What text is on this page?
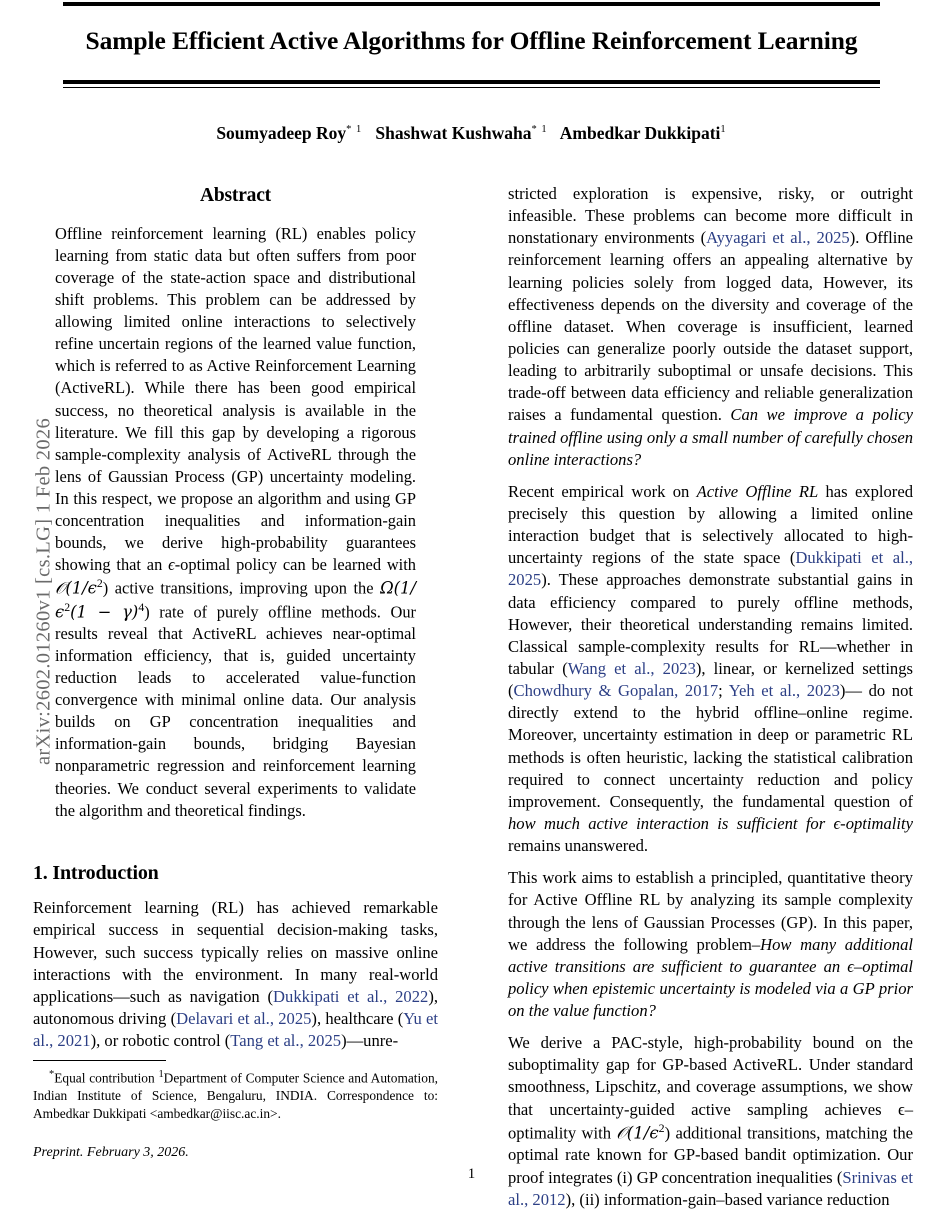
arXiv:2602.01260v1 [cs.LG] 1 Feb 2026
Sample Efficient Active Algorithms for Offline Reinforcement Learning
Soumyadeep Roy$^{* 1}$ Shashwat Kushwaha$^{* 1}$ Ambedkar Dukkipati$^1$
Abstract

Offline reinforcement learning (RL) enables policy learning from static data but often suffers from poor coverage of the state-action space and distributional shift problems. This problem can be addressed by allowing limited online interactions to selectively refine uncertain regions of the learned value function, which is referred to as Active Reinforcement Learning (ActiveRL). While there has been good empirical success, no theoretical analysis is available in the literature. We fill this gap by developing a rigorous sample-complexity analysis of ActiveRL through the lens of Gaussian Process (GP) uncertainty modeling. In this respect, we propose an algorithm and using GP concentration inequalities and information-gain bounds, we derive high-probability guarantees showing that an ϵ-optimal policy can be learned with $𝒪(1/\epsilon^2)$ active transitions, improving upon the $\Omega(1/\epsilon^2(1 - \gamma)^4)$ rate of purely offline methods. Our results reveal that ActiveRL achieves near-optimal information efficiency, that is, guided uncertainty reduction leads to accelerated value-function convergence with minimal online data. Our analysis builds on GP concentration inequalities and information-gain bounds, bridging Bayesian nonparametric regression and reinforcement learning theories. We conduct several experiments to validate the algorithm and theoretical findings.

1. Introduction

Reinforcement learning (RL) has achieved remarkable empirical success in sequential decision-making tasks, However, such success typically relies on massive online interactions with the environment. In many real-world applications—such as navigation (Dukkipati et al., 2022), autonomous driving (Delavari et al., 2025), healthcare (Yu et al., 2021), or robotic control (Tang et al., 2025)—unre-

stricted exploration is expensive, risky, or outright infeasible. These problems can become more difficult in nonstationary environments (Ayyagari et al., 2025). Offline reinforcement learning offers an appealing alternative by learning policies solely from logged data, However, its effectiveness depends on the diversity and coverage of the offline dataset. When coverage is insufficient, learned policies can generalize poorly outside the dataset support, leading to arbitrarily suboptimal or unsafe decisions. This trade-off between data efficiency and reliable generalization raises a fundamental question. Can we improve a policy trained offline using only a small number of carefully chosen online interactions?

Recent empirical work on Active Offline RL has explored precisely this question by allowing a limited online interaction budget that is selectively allocated to high-uncertainty regions of the state space (Dukkipati et al., 2025). These approaches demonstrate substantial gains in data efficiency compared to purely offline methods, However, their theoretical understanding remains limited. Classical sample-complexity results for RL—whether in tabular (Wang et al., 2023), linear, or kernelized settings (Chowdhury & Gopalan, 2017; Yeh et al., 2023)— do not directly extend to the hybrid offline–online regime. Moreover, uncertainty estimation in deep or parametric RL methods is often heuristic, lacking the statistical calibration required to connect uncertainty reduction and policy improvement. Consequently, the fundamental question of how much active interaction is sufficient for ϵ-optimality remains unanswered.

This work aims to establish a principled, quantitative theory for Active Offline RL by analyzing its sample complexity through the lens of Gaussian Processes (GP). In this paper, we address the following problem–How many additional active transitions are sufficient to guarantee an ϵ–optimal policy when epistemic uncertainty is modeled via a GP prior on the value function?

We derive a PAC-style, high-probability bound on the suboptimality gap for GP-based ActiveRL. Under standard smoothness, Lipschitz, and coverage assumptions, we show that uncertainty-guided active sampling achieves ϵ–optimality with $𝒪(1/\epsilon^2)$ additional transitions, matching the optimal rate known for GP-based bandit optimization. Our proof integrates (i) GP concentration inequalities (Srinivas et al., 2012), (ii) information-gain–based variance reduction

*Equal contribution $^1$Department of Computer Science and Automation, Indian Institute of Science, Bengaluru, INDIA. Correspondence to: Ambedkar Dukkipati <ambedkar@iisc.ac.in>.

Preprint. February 3, 2026.

1
